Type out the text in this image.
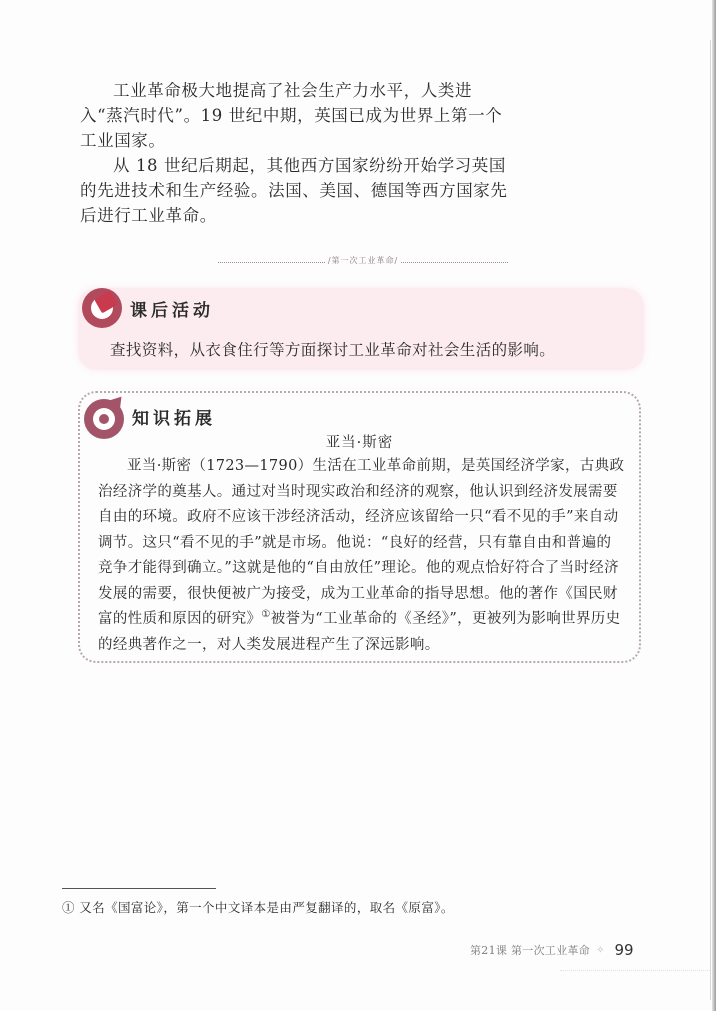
工业革命极大地提高了社会生产力水平，人类进入“蒸汽时代”。19 世纪中期，英国已成为世界上第一个工业国家。

从 18 世纪后期起，其他西方国家纷纷开始学习英国的先进技术和生产经验。法国、美国、德国等西方国家先后进行工业革命。

/第一次工业革命/
课后活动
查找资料，从衣食住行等方面探讨工业革命对社会生活的影响。
知识拓展
亚当·斯密
亚当·斯密（1723—1790）生活在工业革命前期，是英国经济学家，古典政治经济学的奠基人。通过对当时现实政治和经济的观察，他认识到经济发展需要自由的环境。政府不应该干涉经济活动，经济应该留给一只“看不见的手”来自动调节。这只“看不见的手”就是市场。他说：“良好的经营，只有靠自由和普遍的竞争才能得到确立。”这就是他的“自由放任”理论。他的观点恰好符合了当时经济发展的需要，很快便被广为接受，成为工业革命的指导思想。他的著作《国民财富的性质和原因的研究》①被誉为“工业革命的《圣经》”，更被列为影响世界历史的经典著作之一，对人类发展进程产生了深远影响。
① 又名《国富论》，第一个中文译本是由严复翻译的，取名《原富》。
第21课 第一次工业革命 ✧ 99
